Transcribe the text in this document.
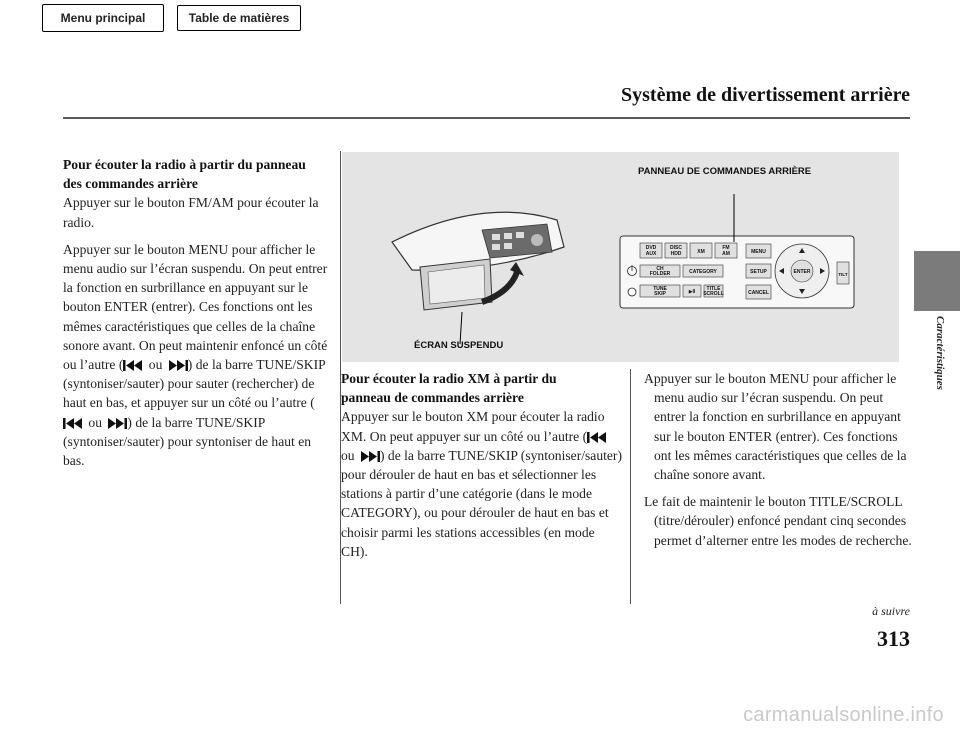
Menu principal	Table de matières
Système de divertissement arrière
Caractéristiques
Pour écouter la radio à partir du panneau
des commandes arrière

Appuyer sur le bouton FM/AM pour écouter la radio.

Appuyer sur le bouton MENU pour afficher le menu audio sur l’écran suspendu. On peut entrer la fonction en surbrillance en appuyant sur le bouton ENTER (entrer). Ces fonctions ont les mêmes caractéristiques que celles de la chaîne sonore avant. On peut maintenir enfoncé un côté ou l’autre ( ou ) de la barre TUNE/SKIP (syntoniser/sauter) pour sauter (rechercher) de haut en bas, et appuyer sur un côté ou l’autre ( ou ) de la barre TUNE/SKIP (syntoniser/sauter) pour syntoniser de haut en bas.

DVD
AUX
DISC
HDD	XM
FM
AM
CH
FOLDER	CATEGORY
TUNE
SKIP	▶II TITLE
SCROLL
MENU
SETUP
CANCEL
ENTER	TILT
PANNEAU DE COMMANDES ARRIÈRE
ÉCRAN SUSPENDU
Pour écouter la radio XM à partir du
panneau de commandes arrière

Appuyer sur le bouton XM pour écouter la radio XM. On peut appuyer sur un côté ou l’autre ( ou ) de la barre TUNE/SKIP (syntoniser/sauter) pour dérouler de haut en bas et sélectionner les stations à partir d’une catégorie (dans le mode CATEGORY), ou pour dérouler de haut en bas et choisir parmi les stations accessibles (en mode CH).

Appuyer sur le bouton MENU pour afficher le menu audio sur l’écran suspendu. On peut entrer la fonction en surbrillance en appuyant sur le bouton ENTER (entrer). Ces fonctions ont les mêmes caractéristiques que celles de la chaîne sonore avant.

Le fait de maintenir le bouton TITLE/SCROLL (titre/dérouler) enfoncé pendant cinq secondes permet d’alterner entre les modes de recherche.

à suivre
313
carmanualsonline.info
